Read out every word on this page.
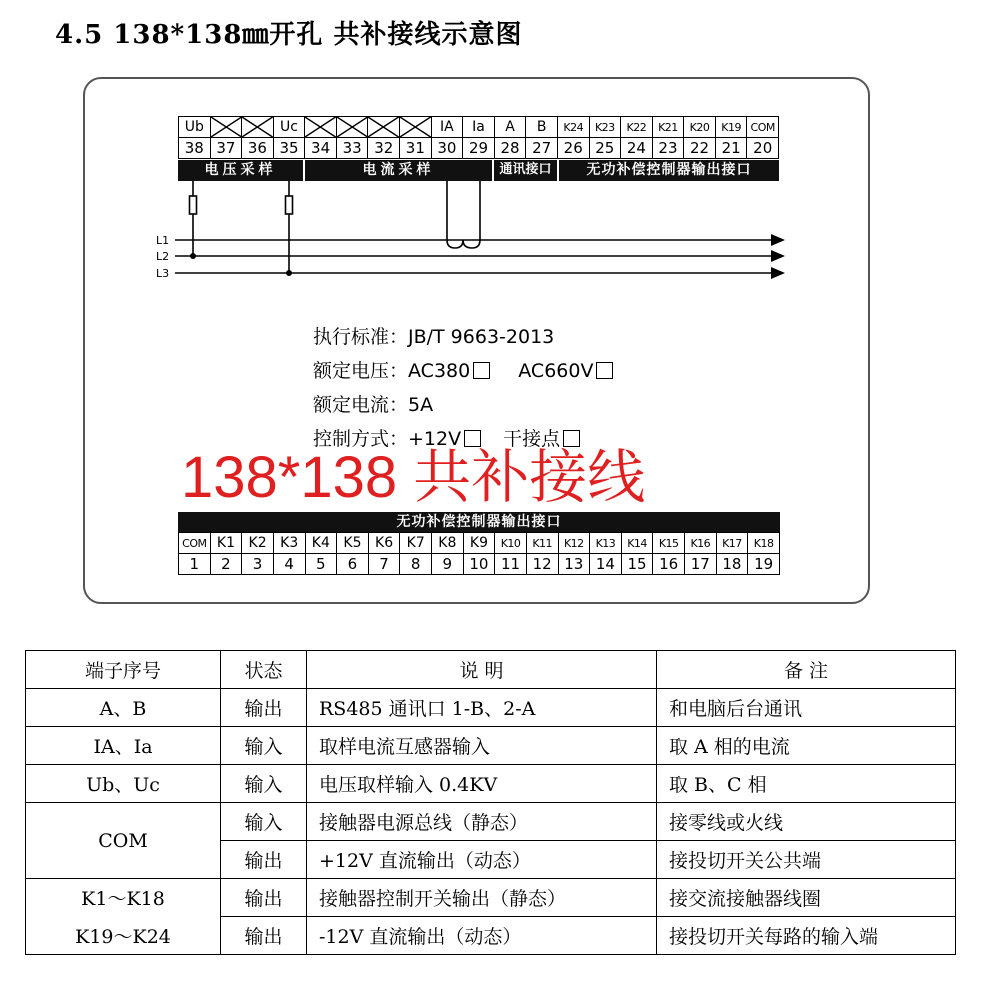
4.5 138*138㎜开孔 共补接线示意图
Ub			Uc					IA	Ia	A	B	K24	K23	K22	K21	K20	K19	COM
38	37	36	35	34	33	32	31	30	29	28	27	26	25	24	23	22	21	20
电压采样	电流采样	通讯接口	无功补偿控制器输出接口
L1
L2
L3
执行标准：JB/T 9663-2013
额定电压：AC380	AC660V
额定电流：5A
控制方式：+12V 干接点
138*138 共补接线
无功补偿控制器输出接口
COM	K1	K2	K3	K4	K5	K6	K7	K8	K9	K10	K11	K12	K13	K14	K15	K16	K17	K18
1	2	3	4	5	6	7	8	9	10	11	12	13	14	15	16	17	18	19
端子序号	状态	说 明	备 注
A、B	输出	RS485 通讯口 1-B、2-A	和电脑后台通讯
IA、Ia	输入	取样电流互感器输入	取 A 相的电流
Ub、Uc	输入	电压取样输入 0.4KV	取 B、C 相
COM	输入	接触器电源总线（静态）	接零线或火线
	输出	+12V 直流输出（动态）	接投切开关公共端
K1～K18	输出	接触器控制开关输出（静态）	接交流接触器线圈
K19～K24	输出	-12V 直流输出（动态）	接投切开关每路的输入端
